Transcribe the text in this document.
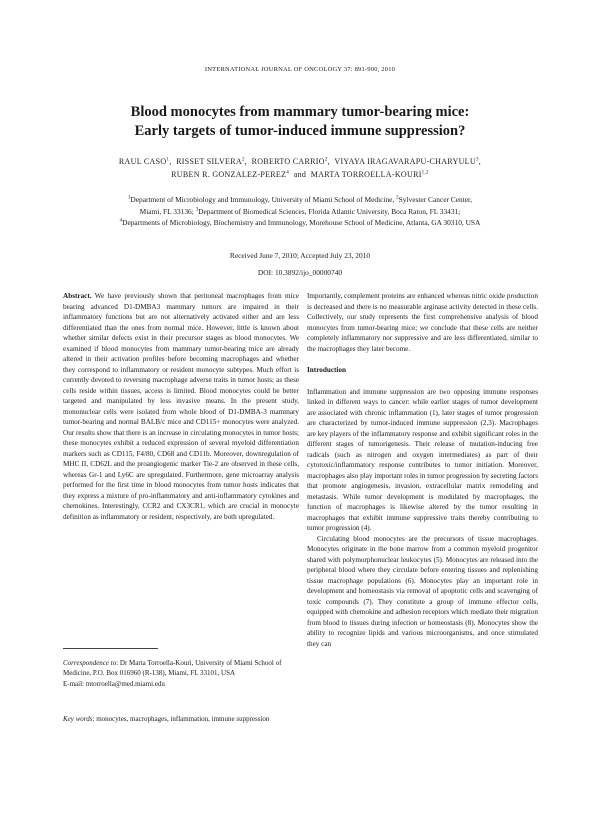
INTERNATIONAL JOURNAL OF ONCOLOGY 37: 891-900, 2010
Blood monocytes from mammary tumor-bearing mice:
Early targets of tumor-induced immune suppression?
RAUL CASO$^1$,  RISSET SILVERA$^2$,  ROBERTO CARRIO$^2$,  VIYAYA IRAGAVARAPU-CHARYULU$^3$,
RUBEN R. GONZALEZ-PEREZ$^4$ and MARTA TORROELLA-KOURI$^{1,2}$
$^1$Department of Microbiology and Immunology, University of Miami School of Medicine, $^2$Sylvester Cancer Center,
Miami, FL 33136; $^3$Department of Biomedical Sciences, Florida Atlantic University, Boca Raton, FL 33431;
$^4$Departments of Microbiology, Biochemistry and Immunology, Morehouse School of Medicine, Atlanta, GA 30310, USA
Received June 7, 2010; Accepted July 23, 2010
DOI: 10.3892/ijo_00000740

Abstract. We have previously shown that peritoneal macrophages from mice bearing advanced D1-DMBA3 mammary tumors are impaired in their inflammatory functions but are not alternatively activated either and are less differentiated than the ones from normal mice. However, little is known about whether similar defects exist in their precursor stages as blood monocytes. We examined if blood monocytes from mammary tumor-bearing mice are already altered in their activation profiles before becoming macrophages and whether they correspond to inflammatory or resident monocyte subtypes. Much effort is currently devoted to reversing macrophage adverse traits in tumor hosts; as these cells reside within tissues, access is limited. Blood monocytes could be better targeted and manipulated by less invasive means. In the present study, mononuclear cells were isolated from whole blood of D1-DMBA-3 mammary tumor-bearing and normal BALB/c mice and CD115+ monocytes were analyzed. Our results show that there is an increase in circulating monocytes in tumor hosts; these monocytes exhibit a reduced expression of several myeloid differentiation markers such as CD115, F4/80, CD68 and CD11b. Moreover, downregulation of MHC II, CD62L and the proangiogenic marker Tie-2 are observed in these cells, whereas Gr-1 and Ly6C are upregulated. Furthermore, gene microarray analysis performed for the first time in blood monocytes from tumor hosts indicates that they express a mixture of pro-inflammatory and anti-inflammatory cytokines and chemokines. Interestingly, CCR2 and CX3CR1, which are crucial in monocyte definition as inflammatory or resident, respectively, are both upregulated.

Correspondence to: Dr Marta Torroella-Kouri, University of Miami School of Medicine, P.O. Box 016960 (R-138), Miami, FL 33101, USA
E-mail: mtorroella@med.miami.edu
Key words: monocytes, macrophages, inflammation, immune suppression

Importantly, complement proteins are enhanced whereas nitric oxide production is decreased and there is no measurable arginase activity detected in these cells. Collectively, our study represents the first comprehensive analysis of blood monocytes from tumor-bearing mice; we conclude that these cells are neither completely inflammatory nor suppressive and are less differentiated, similar to the macrophages they later become.

Introduction

Inflammation and immune suppression are two opposing immune responses linked in different ways to cancer: while earlier stages of tumor development are associated with chronic inflammation (1), later stages of tumor progression are characterized by tumor-induced immune suppression (2,3). Macrophages are key players of the inflammatory response and exhibit significant roles in the different stages of tumorigenesis. Their release of mutation-inducing free radicals (such as nitrogen and oxygen intermediates) as part of their cytotoxic/inflammatory response contributes to tumor initiation. Moreover, macrophages also play important roles in tumor progression by secreting factors that promote angiogenesis, invasion, extracellular matrix remodeling and metastasis. While tumor development is modulated by macrophages, the function of macrophages is likewise altered by the tumor resulting in macrophages that exhibit immune suppressive traits thereby contributing to tumor progression (4).

Circulating blood monocytes are the precursors of tissue macrophages. Monocytes originate in the bone marrow from a common myeloid progenitor shared with polymorphonuclear leukocytes (5). Monocytes are released into the peripheral blood where they circulate before entering tissues and replenishing tissue macrophage populations (6). Monocytes play an important role in development and homeostasis via removal of apoptotic cells and scavenging of toxic compounds (7). They constitute a group of immune effector cells, equipped with chemokine and adhesion receptors which mediate their migration from blood to tissues during infection or homeostasis (8). Monocytes show the ability to recognize lipids and various microorganisms, and once stimulated they can
